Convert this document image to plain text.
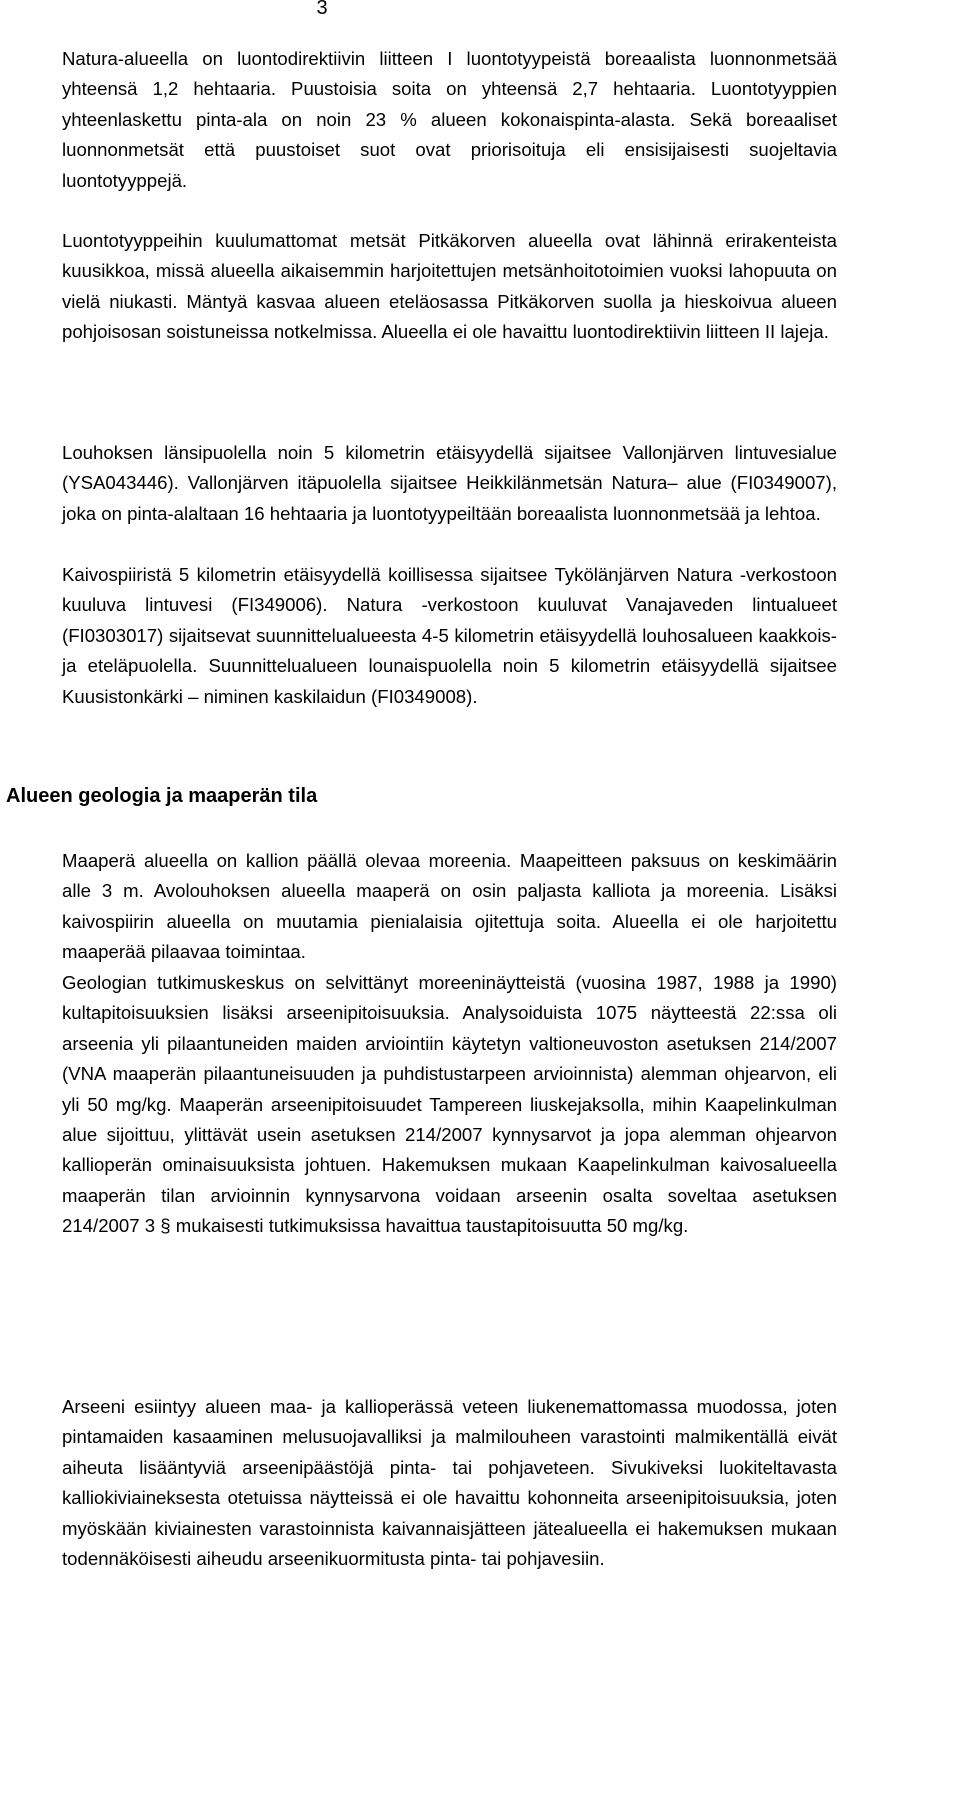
3

Natura-alueella on luontodirektiivin liitteen I luontotyypeistä boreaalista luonnonmetsää yhteensä 1,2 hehtaaria. Puustoisia soita on yhteensä 2,7 hehtaaria. Luontotyyppien yhteenlaskettu pinta-ala on noin 23 % alueen kokonaispinta-alasta. Sekä boreaaliset luonnonmetsät että puustoiset suot ovat priorisoituja eli ensisijaisesti suojeltavia luontotyyppejä.

Luontotyyppeihin kuulumattomat metsät Pitkäkorven alueella ovat lähinnä erirakenteista kuusikkoa, missä alueella aikaisemmin harjoitettujen metsänhoitotoimien vuoksi lahopuuta on vielä niukasti. Mäntyä kasvaa alueen eteläosassa Pitkäkorven suolla ja hieskoivua alueen pohjoisosan soistuneissa notkelmissa. Alueella ei ole havaittu luontodirektiivin liitteen II lajeja.

Louhoksen länsipuolella noin 5 kilometrin etäisyydellä sijaitsee Vallonjärven lintuvesialue (YSA043446). Vallonjärven itäpuolella sijaitsee Heikkilänmetsän Natura– alue (FI0349007), joka on pinta-alaltaan 16 hehtaaria ja luontotyypeiltään boreaalista luonnonmetsää ja lehtoa.

Kaivospiiristä 5 kilometrin etäisyydellä koillisessa sijaitsee Tykölänjärven Natura -verkostoon kuuluva lintuvesi (FI349006). Natura -verkostoon kuuluvat Vanajaveden lintualueet (FI0303017) sijaitsevat suunnittelualueesta 4-5 kilometrin etäisyydellä louhosalueen kaakkois- ja eteläpuolella. Suunnittelualueen lounaispuolella noin 5 kilometrin etäisyydellä sijaitsee Kuusistonkärki – niminen kaskilaidun (FI0349008).

Alueen geologia ja maaperän tila

Maaperä alueella on kallion päällä olevaa moreenia. Maapeitteen paksuus on keskimäärin alle 3 m. Avolouhoksen alueella maaperä on osin paljasta kalliota ja moreenia. Lisäksi kaivospiirin alueella on muutamia pienialaisia ojitettuja soita. Alueella ei ole harjoitettu maaperää pilaavaa toimintaa.

Geologian tutkimuskeskus on selvittänyt moreeninäytteistä (vuosina 1987, 1988 ja 1990) kultapitoisuuksien lisäksi arseenipitoisuuksia. Analysoiduista 1075 näytteestä 22:ssa oli arseenia yli pilaantuneiden maiden arviointiin käytetyn valtioneuvoston asetuksen 214/2007 (VNA maaperän pilaantuneisuuden ja puhdistustarpeen arvioinnista) alemman ohjearvon, eli yli 50 mg/kg. Maaperän arseenipitoisuudet Tampereen liuskejaksolla, mihin Kaapelinkulman alue sijoittuu, ylittävät usein asetuksen 214/2007 kynnysarvot ja jopa alemman ohjearvon kallioperän ominaisuuksista johtuen. Hakemuksen mukaan Kaapelinkulman kaivosalueella maaperän tilan arvioinnin kynnysarvona voidaan arseenin osalta soveltaa asetuksen 214/2007 3 § mukaisesti tutkimuksissa havaittua taustapitoisuutta 50 mg/kg.

Arseeni esiintyy alueen maa- ja kallioperässä veteen liukenemattomassa muodossa, joten pintamaiden kasaaminen melusuojavalliksi ja malmilouheen varastointi malmikentällä eivät aiheuta lisääntyviä arseenipäästöjä pinta- tai pohjaveteen. Sivukiveksi luokiteltavasta kalliokiviaineksesta otetuissa näytteissä ei ole havaittu kohonneita arseenipitoisuuksia, joten myöskään kiviainesten varastoinnista kaivannaisjätteen jätealueella ei hakemuksen mukaan todennäköisesti aiheudu arseenikuormitusta pinta- tai pohjavesiin.
